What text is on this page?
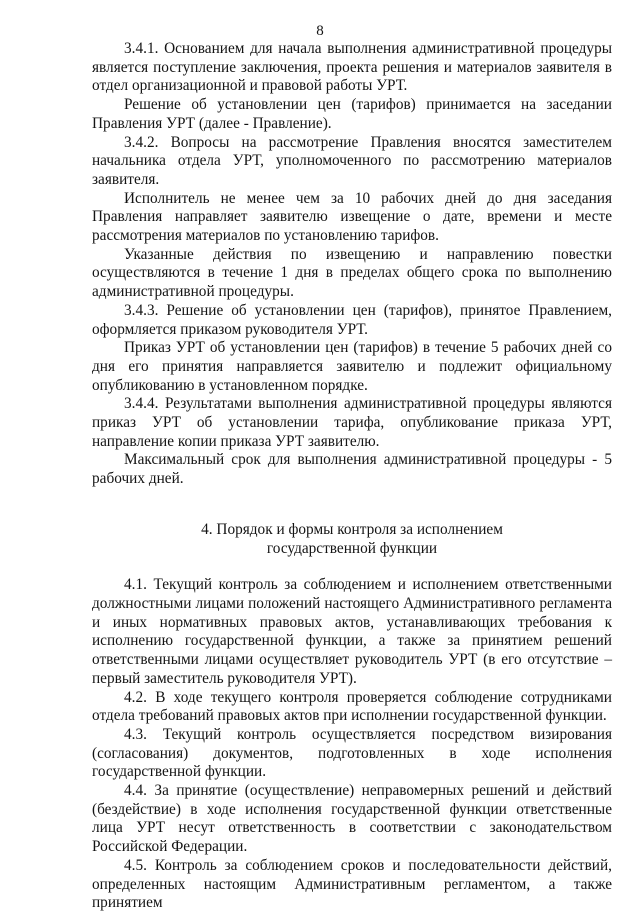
8

3.4.1. Основанием для начала выполнения административной процедуры является поступление заключения, проекта решения и материалов заявителя в отдел организационной и правовой работы УРТ.

Решение об установлении цен (тарифов) принимается на заседании Правления УРТ (далее - Правление).

3.4.2. Вопросы на рассмотрение Правления вносятся заместителем начальника отдела УРТ, уполномоченного по рассмотрению материалов заявителя.

Исполнитель не менее чем за 10 рабочих дней до дня заседания Правления направляет заявителю извещение о дате, времени и месте рассмотрения материалов по установлению тарифов.

Указанные действия по извещению и направлению повестки осуществляются в течение 1 дня в пределах общего срока по выполнению административной процедуры.

3.4.3. Решение об установлении цен (тарифов), принятое Правлением, оформляется приказом руководителя УРТ.

Приказ УРТ об установлении цен (тарифов) в течение 5 рабочих дней со дня его принятия направляется заявителю и подлежит официальному опубликованию в установленном порядке.

3.4.4. Результатами выполнения административной процедуры являются приказ УРТ об установлении тарифа, опубликование приказа УРТ, направление копии приказа УРТ заявителю.

Максимальный срок для выполнения административной процедуры - 5 рабочих дней.

4. Порядок и формы контроля за исполнением
государственной функции

4.1. Текущий контроль за соблюдением и исполнением ответственными должностными лицами положений настоящего Административного регламента и иных нормативных правовых актов, устанавливающих требования к исполнению государственной функции, а также за принятием решений ответственными лицами осуществляет руководитель УРТ (в его отсутствие – первый заместитель руководителя УРТ).

4.2. В ходе текущего контроля проверяется соблюдение сотрудниками отдела требований правовых актов при исполнении государственной функции.

4.3. Текущий контроль осуществляется посредством визирования (согласования) документов, подготовленных в ходе исполнения государственной функции.

4.4. За принятие (осуществление) неправомерных решений и действий (бездействие) в ходе исполнения государственной функции ответственные лица УРТ несут ответственность в соответствии с законодательством Российской Федерации.

4.5. Контроль за соблюдением сроков и последовательности действий, определенных настоящим Административным регламентом, а также принятием
